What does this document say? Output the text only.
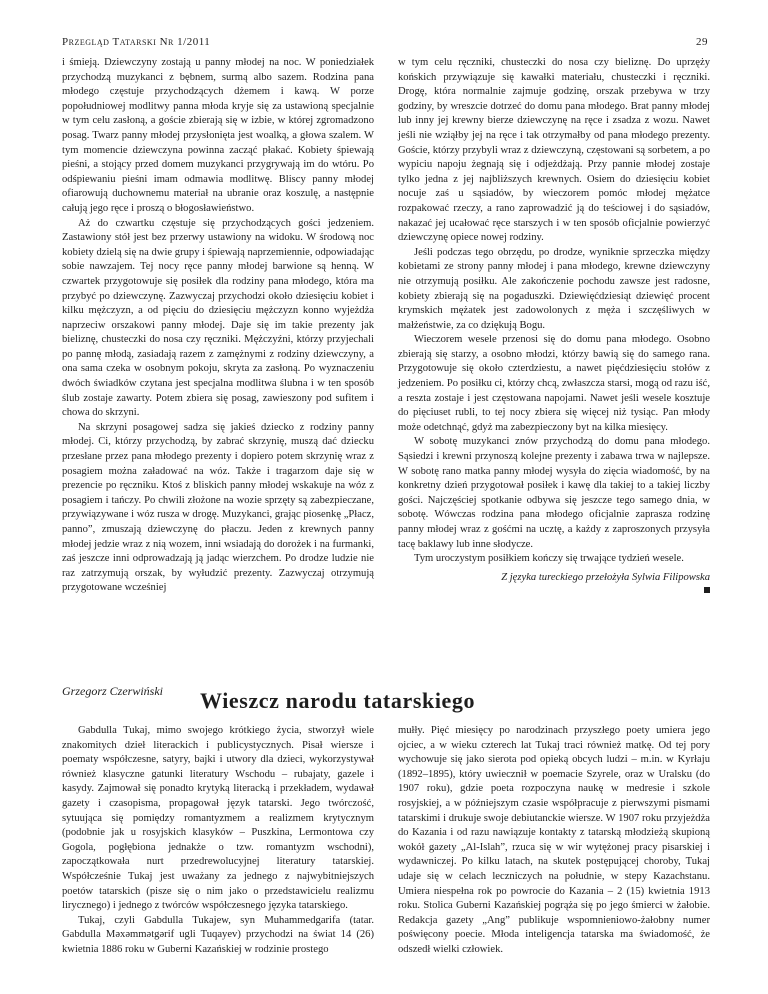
Przegląd Tatarski Nr 1/2011	29

i śmieją. Dziewczyny zostają u panny młodej na noc. W poniedziałek przychodzą muzykanci z bębnem, surmą albo sazem. Rodzina pana młodego częstuje przychodzących dżemem i kawą. W porze popołudniowej modlitwy panna młoda kryje się za ustawioną specjalnie w tym celu zasłoną, a goście zbierają się w izbie, w której zgromadzono posag. Twarz panny młodej przysłonięta jest woalką, a głowa szalem. W tym momencie dziewczyna powinna zacząć płakać. Kobiety śpiewają pieśni, a stojący przed domem muzykanci przygrywają im do wtóru. Po odśpiewaniu pieśni imam odmawia modlitwę. Bliscy panny młodej ofiarowują duchownemu materiał na ubranie oraz koszulę, a następnie całują jego ręce i proszą o błogosławieństwo.

Aż do czwartku częstuje się przychodzących gości jedzeniem. Zastawiony stół jest bez przerwy ustawiony na widoku. W środową noc kobiety dzielą się na dwie grupy i śpiewają naprzemiennie, odpowiadając sobie nawzajem. Tej nocy ręce panny młodej barwione są henną. W czwartek przygotowuje się posiłek dla rodziny pana młodego, która ma przybyć po dziewczynę. Zazwyczaj przychodzi około dziesięciu kobiet i kilku mężczyzn, a od pięciu do dziesięciu mężczyzn konno wyjeżdża naprzeciw orszakowi panny młodej. Daje się im takie prezenty jak bieliznę, chusteczki do nosa czy ręczniki. Mężczyźni, którzy przyjechali po pannę młodą, zasiadają razem z zamężnymi z rodziny dziewczyny, a ona sama czeka w osobnym pokoju, skryta za zasłoną. Po wyznaczeniu dwóch świadków czytana jest specjalna modlitwa ślubna i w ten sposób ślub zostaje zawarty. Potem zbiera się posag, zawieszony pod sufitem i chowa do skrzyni.

Na skrzyni posagowej sadza się jakieś dziecko z rodziny panny młodej. Ci, którzy przychodzą, by zabrać skrzynię, muszą dać dziecku przesłane przez pana młodego prezenty i dopiero potem skrzynię wraz z posagiem można załadować na wóz. Także i tragarzom daje się w prezencie po ręczniku. Ktoś z bliskich panny młodej wskakuje na wóz z posagiem i tańczy. Po chwili złożone na wozie sprzęty są zabezpieczane, przywiązywane i wóz rusza w drogę. Muzykanci, grając piosenkę „Płacz, panno”, zmuszają dziewczynę do płaczu. Jeden z krewnych panny młodej jedzie wraz z nią wozem, inni wsiadają do dorożek i na furmanki, zaś jeszcze inni odprowadzają ją jadąc wierzchem. Po drodze ludzie nie raz zatrzymują orszak, by wyłudzić prezenty. Zazwyczaj otrzymują przygotowane wcześniej

w tym celu ręczniki, chusteczki do nosa czy bieliznę. Do uprzęży końskich przywiązuje się kawałki materiału, chusteczki i ręczniki. Drogę, która normalnie zajmuje godzinę, orszak przebywa w trzy godziny, by wreszcie dotrzeć do domu pana młodego. Brat panny młodej lub inny jej krewny bierze dziewczynę na ręce i zsadza z wozu. Nawet jeśli nie wziąłby jej na ręce i tak otrzymałby od pana młodego prezenty. Goście, którzy przybyli wraz z dziewczyną, częstowani są sorbetem, a po wypiciu napoju żegnają się i odjeżdżają. Przy pannie młodej zostaje tylko jedna z jej najbliższych krewnych. Osiem do dziesięciu kobiet nocuje zaś u sąsiadów, by wieczorem pomóc młodej mężatce rozpakować rzeczy, a rano zaprowadzić ją do teściowej i do sąsiadów, nakazać jej ucałować ręce starszych i w ten sposób oficjalnie powierzyć dziewczynę opiece nowej rodziny.

Jeśli podczas tego obrzędu, po drodze, wyniknie sprzeczka między kobietami ze strony panny młodej i pana młodego, krewne dziewczyny nie otrzymują posiłku. Ale zakończenie pochodu zawsze jest radosne, kobiety zbierają się na pogaduszki. Dziewięćdziesiąt dziewięć procent krymskich mężatek jest zadowolonych z męża i szczęśliwych w małżeństwie, za co dziękują Bogu.

Wieczorem wesele przenosi się do domu pana młodego. Osobno zbierają się starzy, a osobno młodzi, którzy bawią się do samego rana. Przygotowuje się około czterdziestu, a nawet pięćdziesięciu stołów z jedzeniem. Po posiłku ci, którzy chcą, zwłaszcza starsi, mogą od razu iść, a reszta zostaje i jest częstowana napojami. Nawet jeśli wesele kosztuje do pięciuset rubli, to tej nocy zbiera się więcej niż tysiąc. Pan młody może odetchnąć, gdyż ma zabezpieczony byt na kilka miesięcy.

W sobotę muzykanci znów przychodzą do domu pana młodego. Sąsiedzi i krewni przynoszą kolejne prezenty i zabawa trwa w najlepsze. W sobotę rano matka panny młodej wysyła do zięcia wiadomość, by na konkretny dzień przygotował posiłek i kawę dla takiej to a takiej liczby gości. Najczęściej spotkanie odbywa się jeszcze tego samego dnia, w sobotę. Wówczas rodzina pana młodego oficjalnie zaprasza rodzinę panny młodej wraz z gośćmi na ucztę, a każdy z zaproszonych przysyła tacę baklawy lub inne słodycze.

Tym uroczystym posiłkiem kończy się trwające tydzień wesele.

Z języka tureckiego przełożyła Sylwia Filipowska
Grzegorz Czerwiński Wieszcz narodu tatarskiego

Gabdulla Tukaj, mimo swojego krótkiego życia, stworzył wiele znakomitych dzieł literackich i publicystycznych. Pisał wiersze i poematy współczesne, satyry, bajki i utwory dla dzieci, wykorzystywał również klasyczne gatunki literatury Wschodu – rubajaty, gazele i kasydy. Zajmował się ponadto krytyką literacką i przekładem, wydawał gazety i czasopisma, propagował język tatarski. Jego twórczość, sytuująca się pomiędzy romantyzmem a realizmem krytycznym (podobnie jak u rosyjskich klasyków – Puszkina, Lermontowa czy Gogola, pogłębiona jednakże o tzw. romantyzm wschodni), zapoczątkowała nurt przedrewolucyjnej literatury tatarskiej. Współcześnie Tukaj jest uważany za jednego z najwybitniejszych poetów tatarskich (pisze się o nim jako o przedstawicielu realizmu lirycznego) i jednego z twórców współczesnego języka tatarskiego.

Tukaj, czyli Gabdulla Tukajew, syn Muhammedgarifa (tatar. Gabdulla Məxəmmətgərif ugli Tuqayev) przychodzi na świat 14 (26) kwietnia 1886 roku w Guberni Kazańskiej w rodzinie prostego

mułły. Pięć miesięcy po narodzinach przyszłego poety umiera jego ojciec, a w wieku czterech lat Tukaj traci również matkę. Od tej pory wychowuje się jako sierota pod opieką obcych ludzi – m.in. w Kyrłaju (1892–1895), który uwiecznił w poemacie Szyrele, oraz w Uralsku (do 1907 roku), gdzie poeta rozpoczyna naukę w medresie i szkole rosyjskiej, a w późniejszym czasie współpracuje z pierwszymi pismami tatarskimi i drukuje swoje debiutanckie wiersze. W 1907 roku przyjeżdża do Kazania i od razu nawiązuje kontakty z tatarską młodzieżą skupioną wokół gazety „Al-Islah”, rzuca się w wir wytężonej pracy pisarskiej i wydawniczej. Po kilku latach, na skutek postępującej choroby, Tukaj udaje się w celach leczniczych na południe, w stepy Kazachstanu. Umiera niespełna rok po powrocie do Kazania – 2 (15) kwietnia 1913 roku. Stolica Guberni Kazańskiej pogrąża się po jego śmierci w żałobie. Redakcja gazety „Ang” publikuje wspomnieniowo-żałobny numer poświęcony poecie. Młoda inteligencja tatarska ma świadomość, że odszedł wielki człowiek.
